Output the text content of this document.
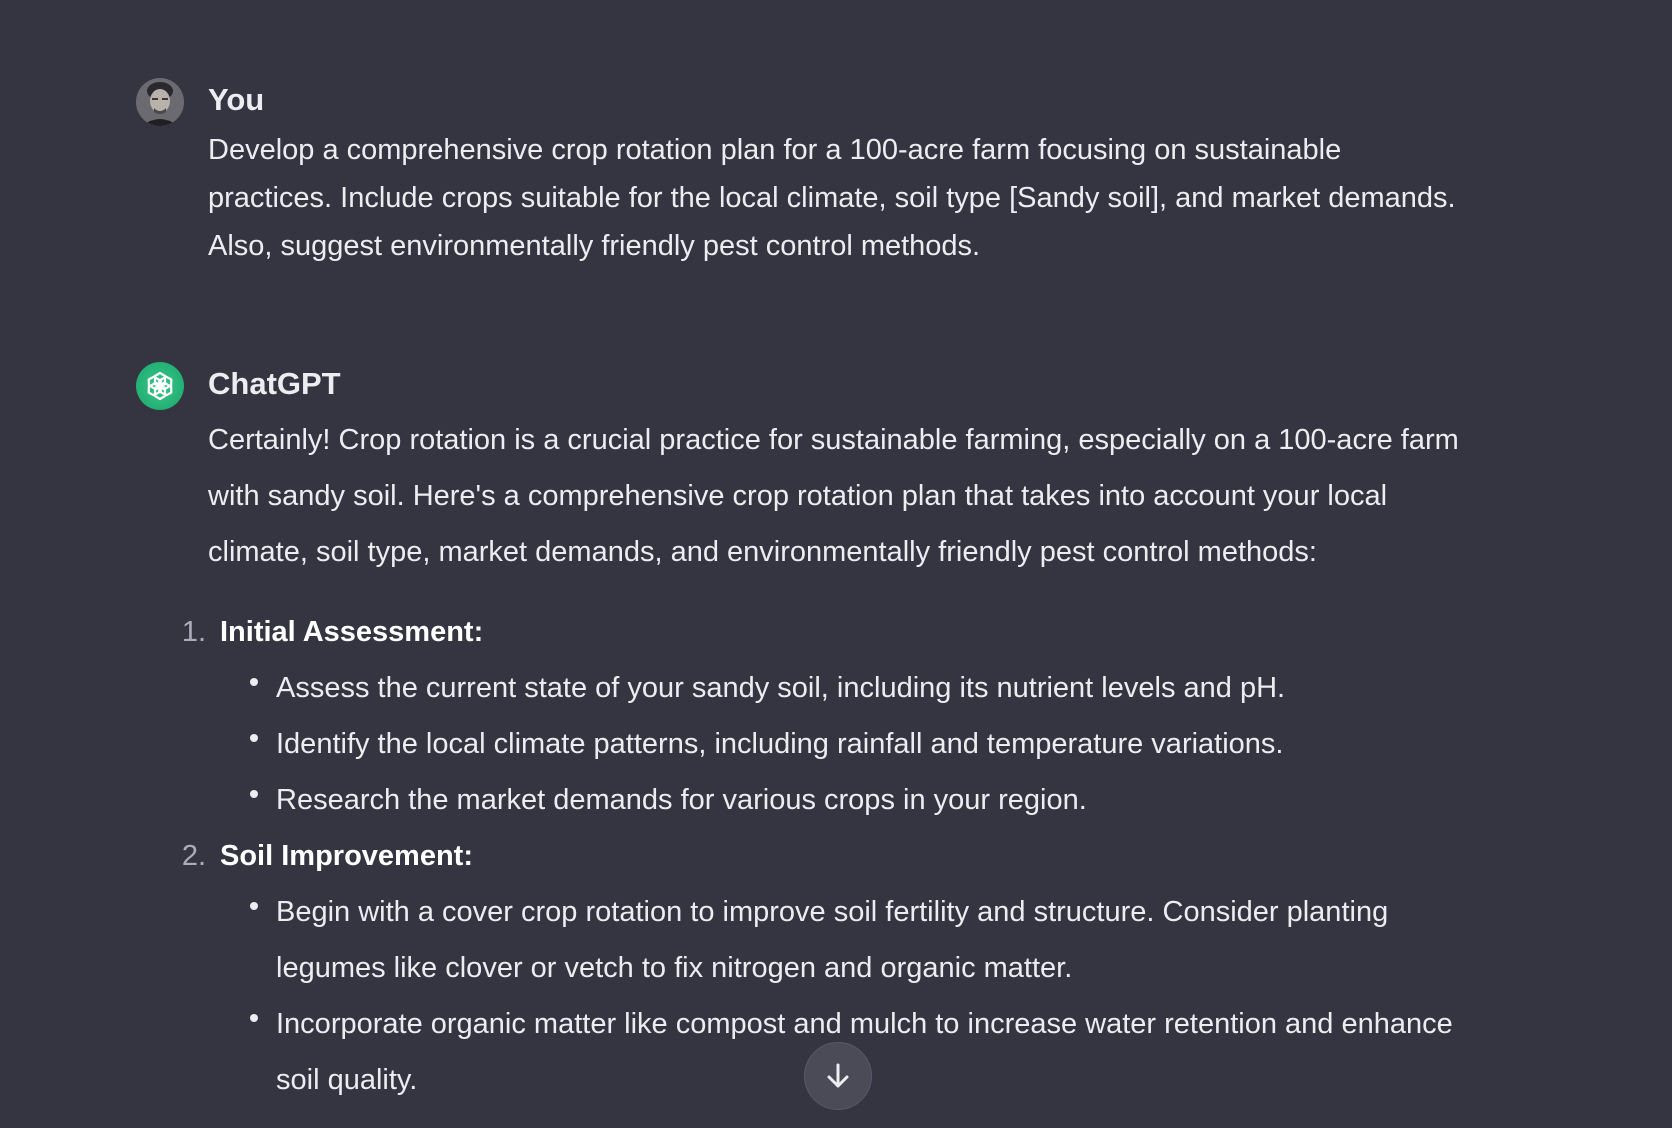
You
Develop a comprehensive crop rotation plan for a 100-acre farm focusing on sustainable
practices. Include crops suitable for the local climate, soil type [Sandy soil], and market demands.
Also, suggest environmentally friendly pest control methods.
ChatGPT

Certainly! Crop rotation is a crucial practice for sustainable farming, especially on a 100-acre farm
with sandy soil. Here's a comprehensive crop rotation plan that takes into account your local
climate, soil type, market demands, and environmentally friendly pest control methods:

1. Initial Assessment:
Assess the current state of your sandy soil, including its nutrient levels and pH.
Identify the local climate patterns, including rainfall and temperature variations.
Research the market demands for various crops in your region.
2. Soil Improvement:
Begin with a cover crop rotation to improve soil fertility and structure. Consider planting
legumes like clover or vetch to fix nitrogen and organic matter.
Incorporate organic matter like compost and mulch to increase water retention and enhance
soil quality.
